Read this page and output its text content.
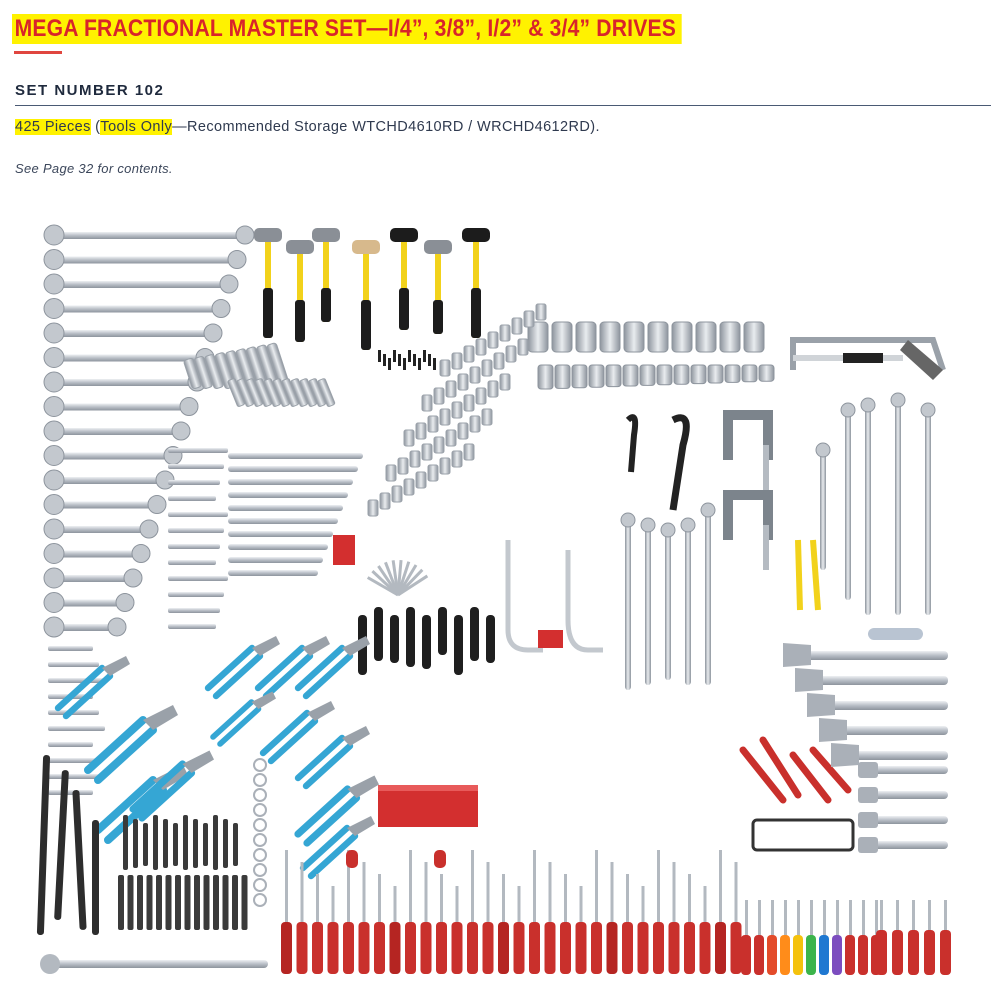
MEGA FRACTIONAL MASTER SET—I/4”, 3/8”, I/2” & 3/4” DRIVES
SET NUMBER 102
425 Pieces (Tools Only—Recommended Storage WTCHD4610RD / WRCHD4612RD).
See Page 32 for contents.
